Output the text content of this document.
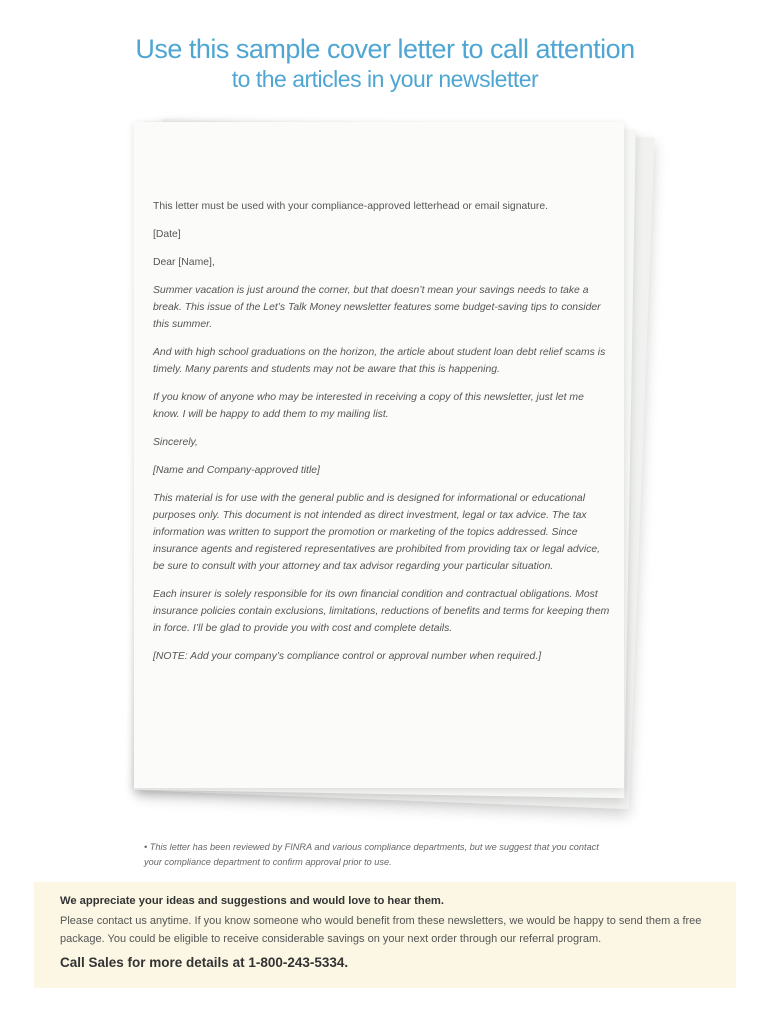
Use this sample cover letter to call attention
to the articles in your newsletter

This letter must be used with your compliance-approved letterhead or email signature.

[Date]

Dear [Name],

Summer vacation is just around the corner, but that doesn’t mean your savings needs to take a break. This issue of the Let’s Talk Money newsletter features some budget-saving tips to consider this summer.

And with high school graduations on the horizon, the article about student loan debt relief scams is timely. Many parents and students may not be aware that this is happening.

If you know of anyone who may be interested in receiving a copy of this newsletter, just let me know. I will be happy to add them to my mailing list.

Sincerely,

[Name and Company-approved title]

This material is for use with the general public and is designed for informational or educational purposes only. This document is not intended as direct investment, legal or tax advice. The tax information was written to support the promotion or marketing of the topics addressed. Since insurance agents and registered representatives are prohibited from providing tax or legal advice, be sure to consult with your attorney and tax advisor regarding your particular situation.

Each insurer is solely responsible for its own financial condition and contractual obligations. Most insurance policies contain exclusions, limitations, reductions of benefits and terms for keeping them in force. I’ll be glad to provide you with cost and complete details.

[NOTE: Add your company’s compliance control or approval number when required.]

• This letter has been reviewed by FINRA and various compliance departments, but we suggest that you contact your compliance department to confirm approval prior to use.
We appreciate your ideas and suggestions and would love to hear them.
Please contact us anytime. If you know someone who would benefit from these newsletters, we would be happy to send them a free package. You could be eligible to receive considerable savings on your next order through our referral program.
Call Sales for more details at 1-800-243-5334.
